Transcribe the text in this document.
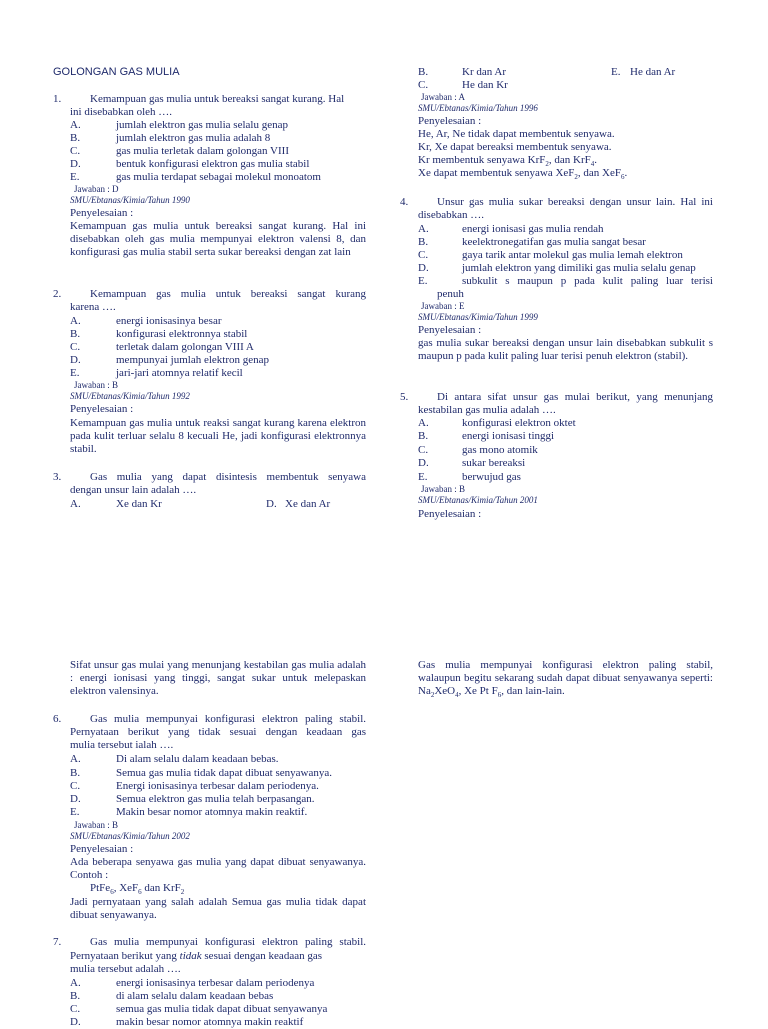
GOLONGAN GAS MULIA
1.	Kemampuan gas mulia untuk bereaksi sangat kurang. Hal
ini disebabkan oleh ….
A.	jumlah elektron gas mulia selalu genap
B.	jumlah elektron gas mulia adalah 8
C.	gas mulia terletak dalam golongan VIII
D.	bentuk konfigurasi elektron gas mulia stabil
E.	gas mulia terdapat sebagai molekul monoatom
Jawaban : D
SMU/Ebtanas/Kimia/Tahun 1990
Penyelesaian :
Kemampuan gas mulia untuk bereaksi sangat kurang. Hal ini disebabkan oleh gas mulia mempunyai elektron valensi 8, dan konfigurasi gas mulia stabil serta sukar bereaksi dengan zat lain
2.	Kemampuan gas mulia untuk bereaksi sangat kurang
karena ….
A.	energi ionisasinya besar
B.	konfigurasi elektronnya stabil
C.	terletak dalam golongan VIII A
D.	mempunyai jumlah elektron genap
E.	jari-jari atomnya relatif kecil
Jawaban : B
SMU/Ebtanas/Kimia/Tahun 1992
Penyelesaian :
Kemampuan gas mulia untuk reaksi sangat kurang karena elektron pada kulit terluar selalu 8 kecuali He, jadi konfigurasi elektronnya stabil.
3.	Gas mulia yang dapat disintesis membentuk senyawa
dengan unsur lain adalah ….
A.	Xe dan Kr	D. Xe dan Ar
B.	Kr dan Ar	E. He dan Ar
C.	He dan Kr
Jawaban : A
SMU/Ebtanas/Kimia/Tahun 1996
Penyelesaian :
He, Ar, Ne tidak dapat membentuk senyawa.
Kr, Xe dapat bereaksi membentuk senyawa.
Kr membentuk senyawa KrF$_2$, dan KrF$_4$.
Xe dapat membentuk senyawa XeF$_2$, dan XeF$_6$.
4.	Unsur gas mulia sukar bereaksi dengan unsur lain. Hal ini
disebabkan ….
A.	energi ionisasi gas mulia rendah
B.	keelektronegatifan gas mulia sangat besar
C.	gaya tarik antar molekul gas mulia lemah elektron
D.	jumlah elektron yang dimiliki gas mulia selalu genap
E.	subkulit s maupun p pada kulit paling luar terisi
penuh
Jawaban : E
SMU/Ebtanas/Kimia/Tahun 1999
Penyelesaian :
gas mulia sukar bereaksi dengan unsur lain disebabkan subkulit s maupun p pada kulit paling luar terisi penuh elektron (stabil).
5.	Di antara sifat unsur gas mulai berikut, yang menunjang
kestabilan gas mulia adalah ….
A.	konfigurasi elektron oktet
B.	energi ionisasi tinggi
C.	gas mono atomik
D.	sukar bereaksi
E.	berwujud gas
Jawaban : B
SMU/Ebtanas/Kimia/Tahun 2001
Penyelesaian :
Sifat unsur gas mulai yang menunjang kestabilan gas mulia adalah : energi ionisasi yang tinggi, sangat sukar untuk melepaskan elektron valensinya.
6.	Gas mulia mempunyai konfigurasi elektron paling stabil.
Pernyataan berikut yang tidak sesuai dengan keadaan gas
mulia tersebut ialah ….
A.	Di alam selalu dalam keadaan bebas.
B.	Semua gas mulia tidak dapat dibuat senyawanya.
C.	Energi ionisasinya terbesar dalam periodenya.
D.	Semua elektron gas mulia telah berpasangan.
E.	Makin besar nomor atomnya makin reaktif.
Jawaban : B
SMU/Ebtanas/Kimia/Tahun 2002
Penyelesaian :
Ada beberapa senyawa gas mulia yang dapat dibuat senyawanya. Contoh :
PtFe$_6$, XeF$_6$ dan KrF$_2$
Jadi pernyataan yang salah adalah Semua gas mulia tidak dapat dibuat senyawanya.
7.	Gas mulia mempunyai konfigurasi elektron paling stabil.
Pernyataan berikut yang tidak sesuai dengan keadaan gas
mulia tersebut adalah ….
A.	energi ionisasinya terbesar dalam periodenya
B.	di alam selalu dalam keadaan bebas
C.	semua gas mulia tidak dapat dibuat senyawanya
D.	makin besar nomor atomnya makin reaktif
Gas mulia mempunyai konfigurasi elektron paling stabil, walaupun begitu sekarang sudah dapat dibuat senyawanya seperti: $Na_2XeO_4$, Xe Pt $F_6$, dan lain-lain.
